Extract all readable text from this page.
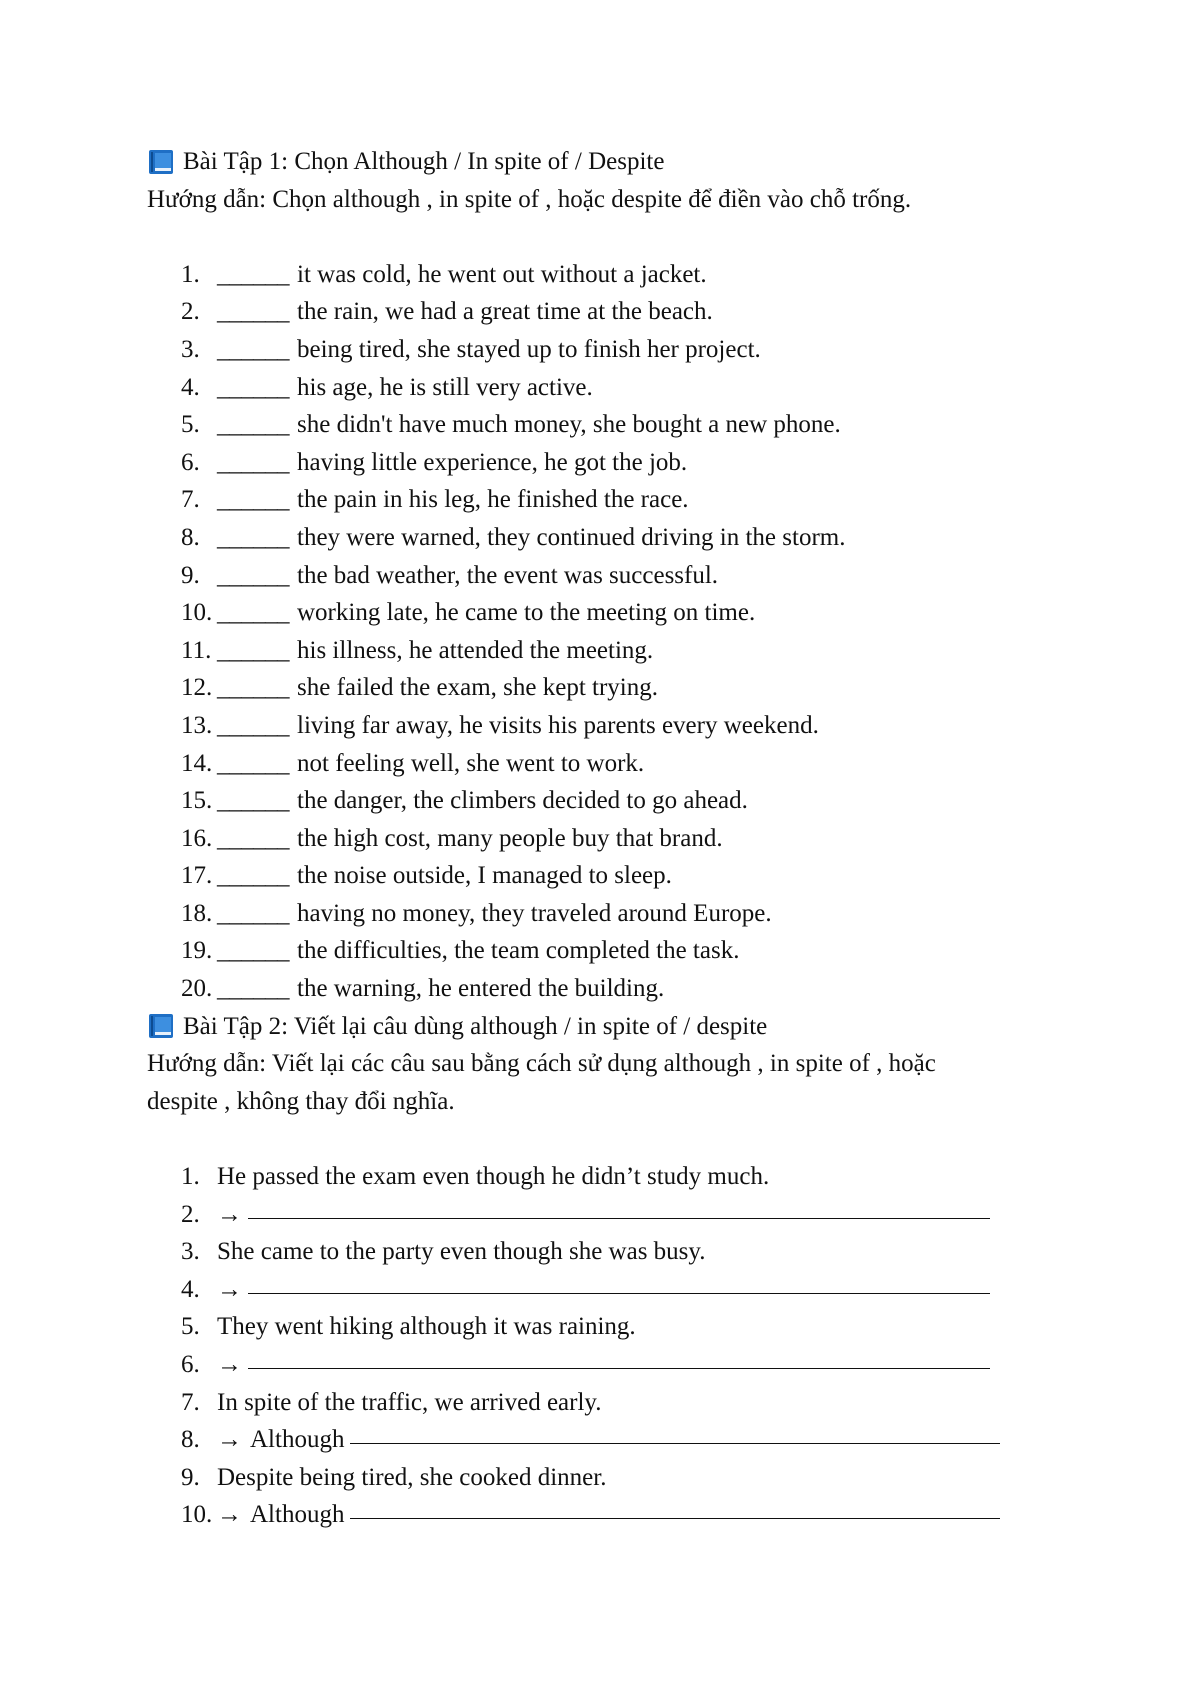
Bài Tập 1: Chọn Although / In spite of / Despite

Hướng dẫn: Chọn although , in spite of , hoặc despite để điền vào chỗ trống.

1. ______ it was cold, he went out without a jacket.
2. ______ the rain, we had a great time at the beach.
3. ______ being tired, she stayed up to finish her project.
4. ______ his age, he is still very active.
5. ______ she didn't have much money, she bought a new phone.
6. ______ having little experience, he got the job.
7. ______ the pain in his leg, he finished the race.
8. ______ they were warned, they continued driving in the storm.
9. ______ the bad weather, the event was successful.
10. ______ working late, he came to the meeting on time.
11. ______ his illness, he attended the meeting.
12. ______ she failed the exam, she kept trying.
13. ______ living far away, he visits his parents every weekend.
14. ______ not feeling well, she went to work.
15. ______ the danger, the climbers decided to go ahead.
16. ______ the high cost, many people buy that brand.
17. ______ the noise outside, I managed to sleep.
18. ______ having no money, they traveled around Europe.
19. ______ the difficulties, the team completed the task.
20. ______ the warning, he entered the building.
Bài Tập 2: Viết lại câu dùng although / in spite of / despite

Hướng dẫn: Viết lại các câu sau bằng cách sử dụng although , in spite of , hoặc

despite , không thay đổi nghĩa.

1. He passed the exam even though he didn’t study much.
2. →
3. She came to the party even though she was busy.
4. →
5. They went hiking although it was raining.
6. →
7. In spite of the traffic, we arrived early.
8. → Although
9. Despite being tired, she cooked dinner.
10. → Although
